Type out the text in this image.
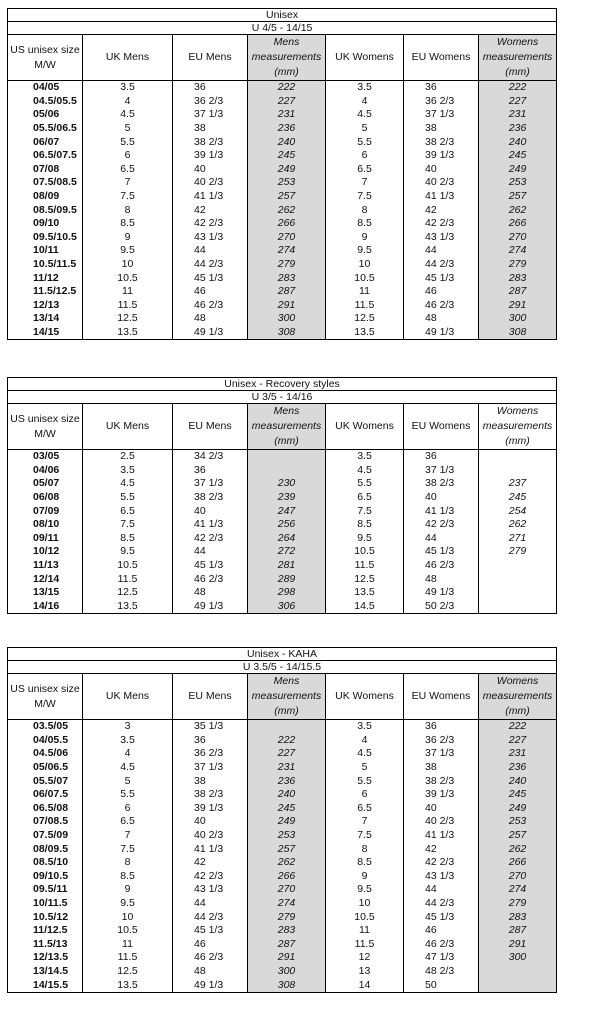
Unisex						
U 4/5 - 14/15						
US unisex size M/W	UK Mens	EU Mens	Mens measurements (mm)	UK Womens	EU Womens	Womens measurements (mm)
04/05	3.5	36	222	3.5	36	222
04.5/05.5	4	36 2/3	227	4	36 2/3	227
05/06	4.5	37 1/3	231	4.5	37 1/3	231
05.5/06.5	5	38	236	5	38	236
06/07	5.5	38 2/3	240	5.5	38 2/3	240
06.5/07.5	6	39 1/3	245	6	39 1/3	245
07/08	6.5	40	249	6.5	40	249
07.5/08.5	7	40 2/3	253	7	40 2/3	253
08/09	7.5	41 1/3	257	7.5	41 1/3	257
08.5/09.5	8	42	262	8	42	262
09/10	8.5	42 2/3	266	8.5	42 2/3	266
09.5/10.5	9	43 1/3	270	9	43 1/3	270
10/11	9.5	44	274	9.5	44	274
10.5/11.5	10	44 2/3	279	10	44 2/3	279
11/12	10.5	45 1/3	283	10.5	45 1/3	283
11.5/12.5	11	46	287	11	46	287
12/13	11.5	46 2/3	291	11.5	46 2/3	291
13/14	12.5	48	300	12.5	48	300
14/15	13.5	49 1/3	308	13.5	49 1/3	308
Unisex - Recovery styles						
U 3/5 - 14/16						
US unisex size M/W	UK Mens	EU Mens	Mens measurements (mm)	UK Womens	EU Womens	Womens measurements (mm)
03/05	2.5	34 2/3		3.5	36	
04/06	3.5	36		4.5	37 1/3	
05/07	4.5	37 1/3	230	5.5	38 2/3	237
06/08	5.5	38 2/3	239	6.5	40	245
07/09	6.5	40	247	7.5	41 1/3	254
08/10	7.5	41 1/3	256	8.5	42 2/3	262
09/11	8.5	42 2/3	264	9.5	44	271
10/12	9.5	44	272	10.5	45 1/3	279
11/13	10.5	45 1/3	281	11.5	46 2/3	
12/14	11.5	46 2/3	289	12.5	48	
13/15	12.5	48	298	13.5	49 1/3	
14/16	13.5	49 1/3	306	14.5	50 2/3	
Unisex - KAHA						
U 3.5/5 - 14/15.5						
US unisex size M/W	UK Mens	EU Mens	Mens measurements (mm)	UK Womens	EU Womens	Womens measurements (mm)
03.5/05	3	35 1/3		3.5	36	222
04/05.5	3.5	36	222	4	36 2/3	227
04.5/06	4	36 2/3	227	4.5	37 1/3	231
05/06.5	4.5	37 1/3	231	5	38	236
05.5/07	5	38	236	5.5	38 2/3	240
06/07.5	5.5	38 2/3	240	6	39 1/3	245
06.5/08	6	39 1/3	245	6.5	40	249
07/08.5	6.5	40	249	7	40 2/3	253
07.5/09	7	40 2/3	253	7.5	41 1/3	257
08/09.5	7.5	41 1/3	257	8	42	262
08.5/10	8	42	262	8.5	42 2/3	266
09/10.5	8.5	42 2/3	266	9	43 1/3	270
09.5/11	9	43 1/3	270	9.5	44	274
10/11.5	9.5	44	274	10	44 2/3	279
10.5/12	10	44 2/3	279	10.5	45 1/3	283
11/12.5	10.5	45 1/3	283	11	46	287
11.5/13	11	46	287	11.5	46 2/3	291
12/13.5	11.5	46 2/3	291	12	47 1/3	300
13/14.5	12.5	48	300	13	48 2/3	
14/15.5	13.5	49 1/3	308	14	50	
